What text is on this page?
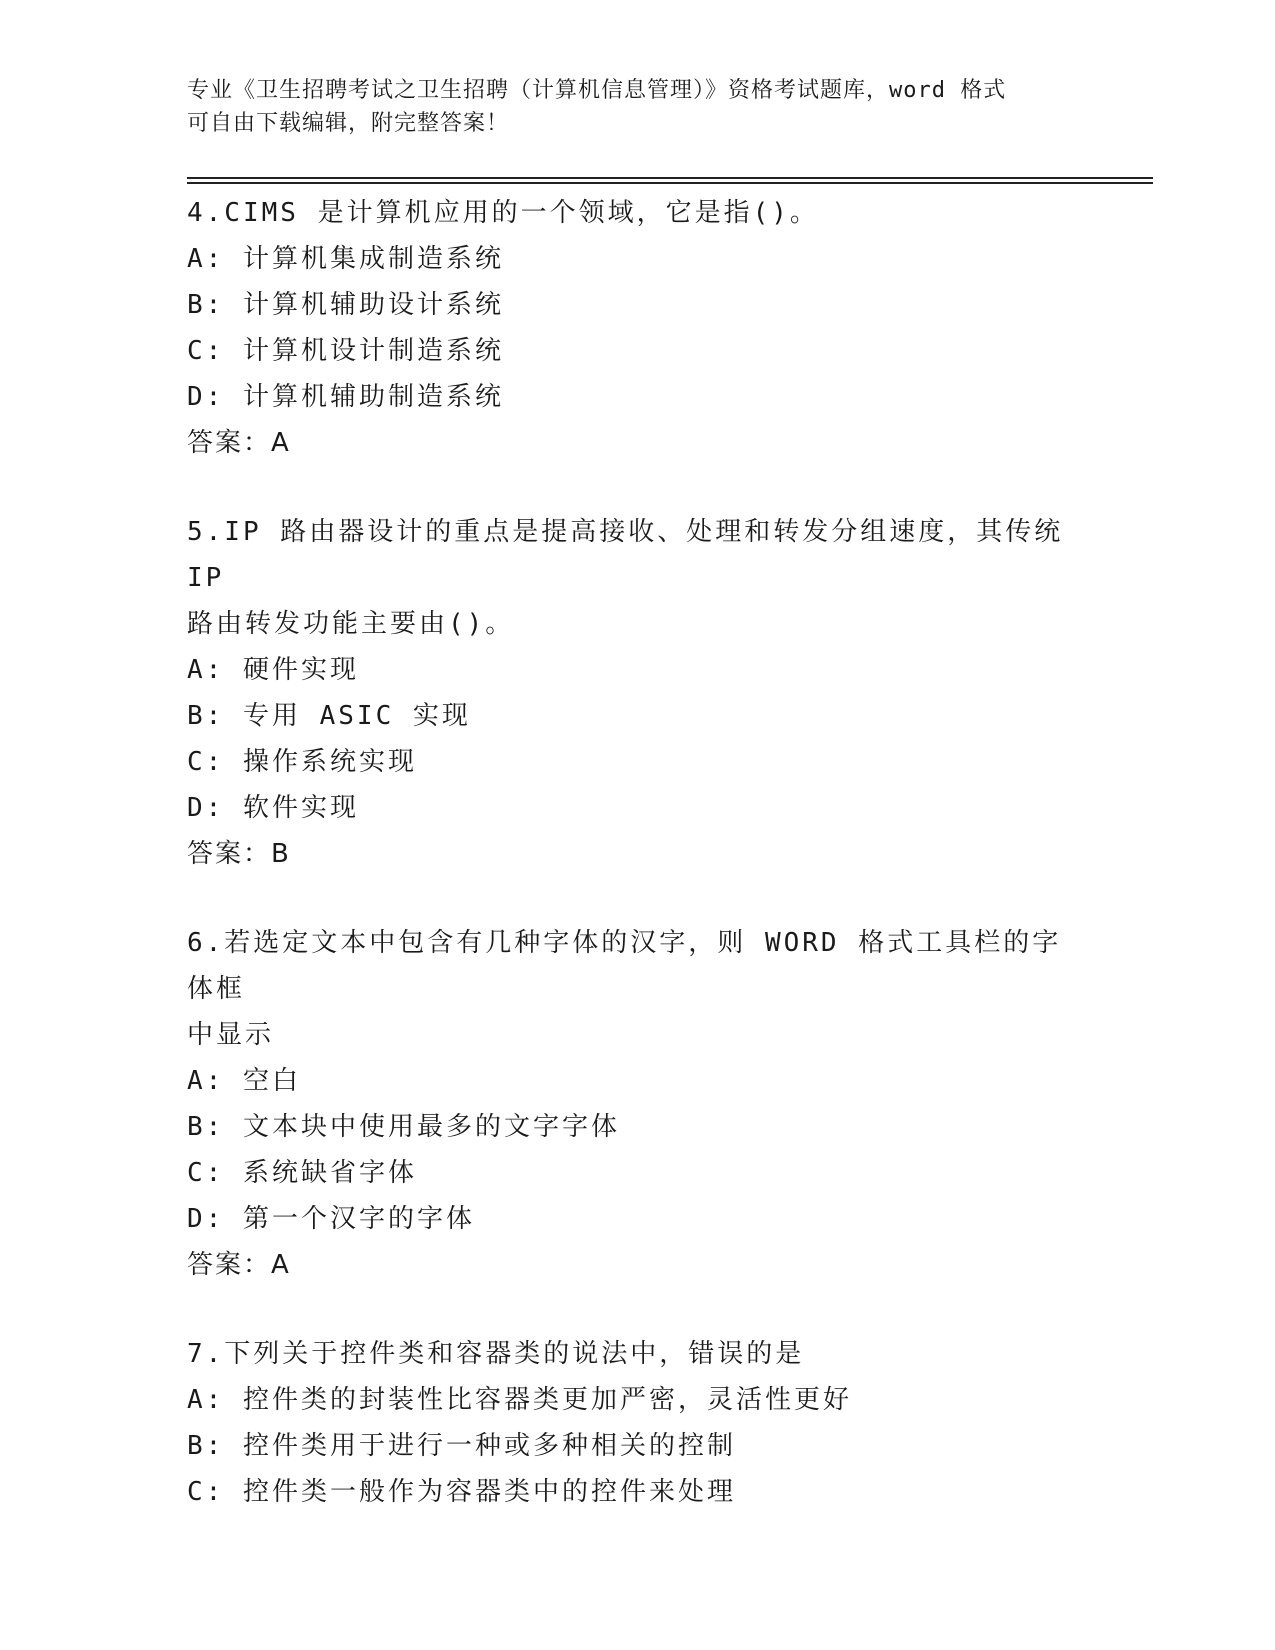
专业《卫生招聘考试之卫生招聘（计算机信息管理）》资格考试题库，word 格式
可自由下载编辑，附完整答案！
4.CIMS 是计算机应用的一个领域，它是指()。
A: 计算机集成制造系统
B: 计算机辅助设计系统
C: 计算机设计制造系统
D: 计算机辅助制造系统
答案：A
5.IP 路由器设计的重点是提高接收、处理和转发分组速度，其传统 IP
路由转发功能主要由()。
A: 硬件实现
B: 专用 ASIC 实现
C: 操作系统实现
D: 软件实现
答案：B
6.若选定文本中包含有几种字体的汉字，则 WORD 格式工具栏的字体框
中显示
A: 空白
B: 文本块中使用最多的文字字体
C: 系统缺省字体
D: 第一个汉字的字体
答案：A
7.下列关于控件类和容器类的说法中，错误的是
A: 控件类的封装性比容器类更加严密，灵活性更好
B: 控件类用于进行一种或多种相关的控制
C: 控件类一般作为容器类中的控件来处理
